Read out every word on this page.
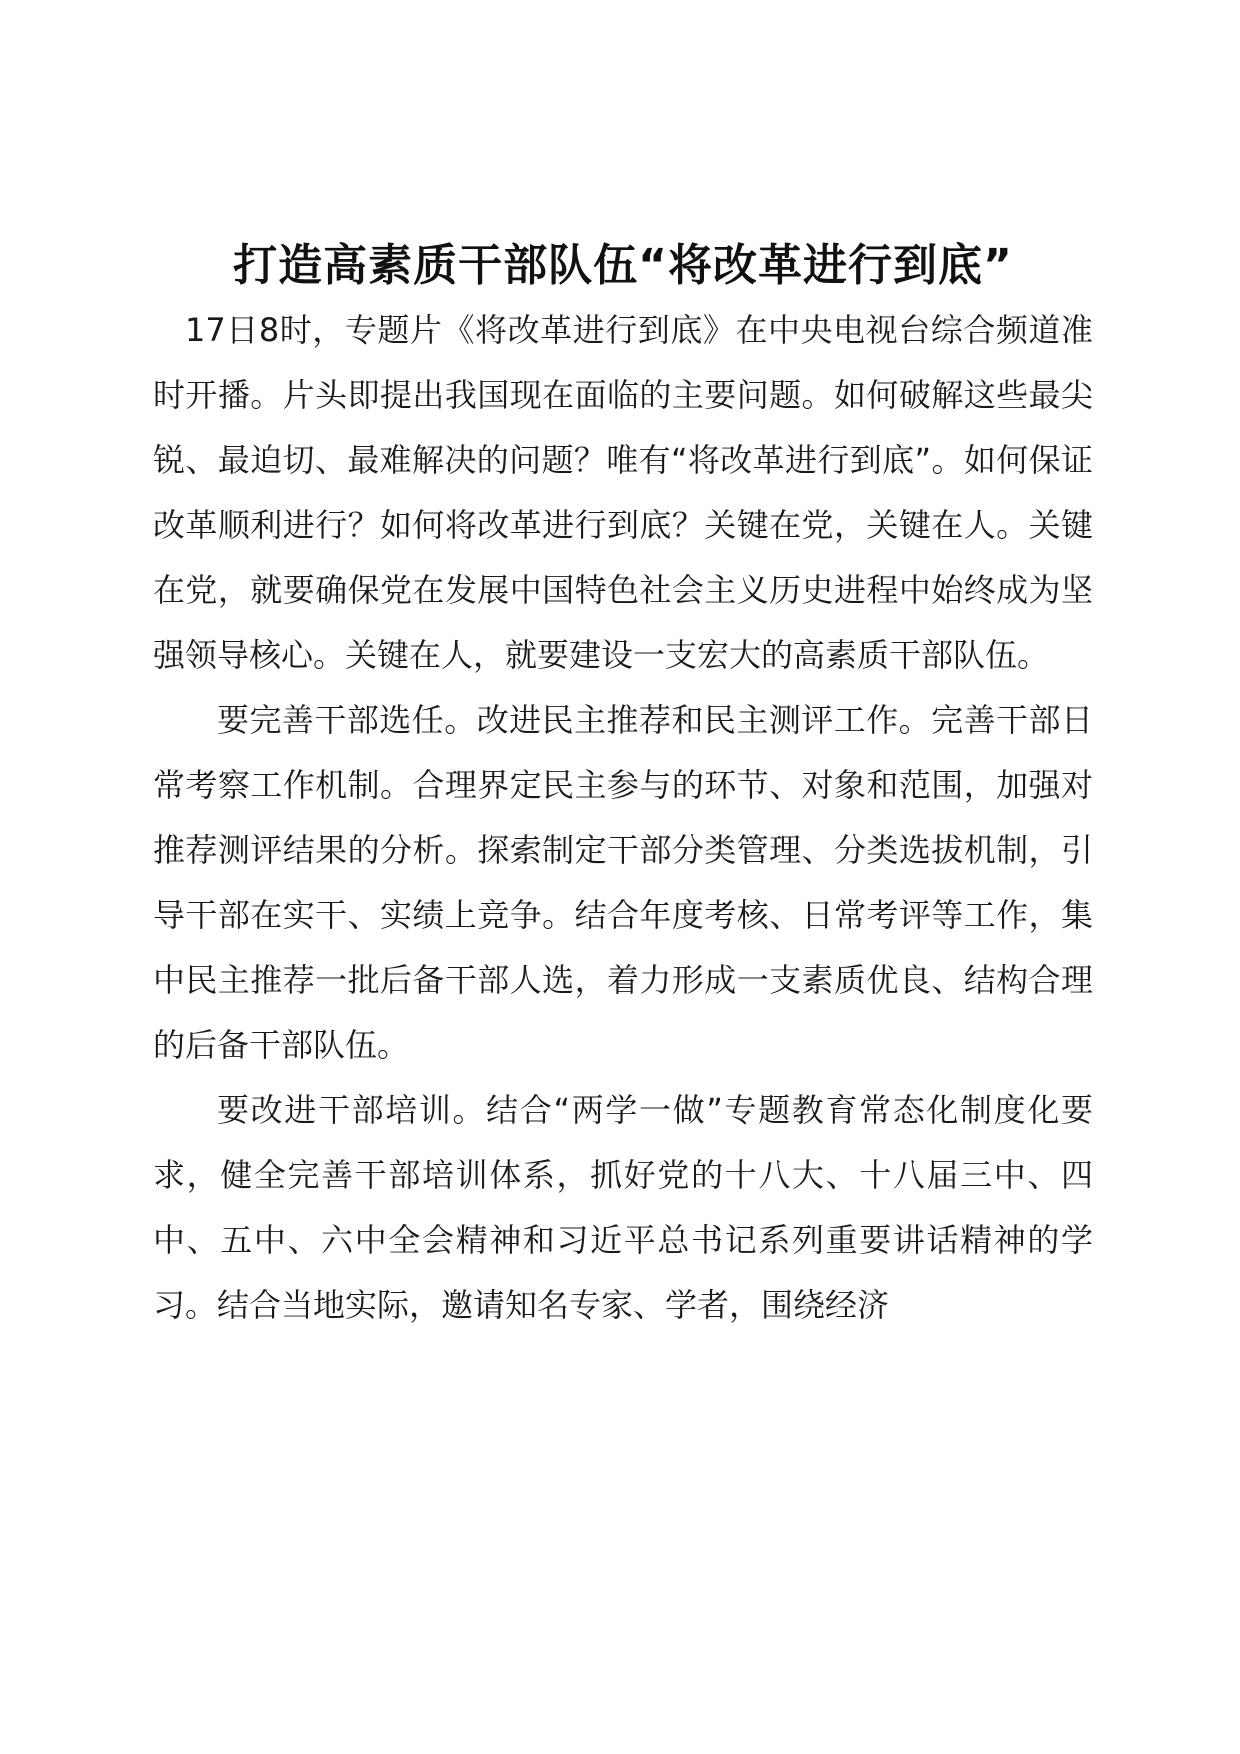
打造高素质干部队伍“将改革进行到底”

17日8时，专题片《将改革进行到底》在中央电视台综合频道准时开播。片头即提出我国现在面临的主要问题。如何破解这些最尖锐、最迫切、最难解决的问题？唯有“将改革进行到底”。如何保证改革顺利进行？如何将改革进行到底？关键在党，关键在人。关键在党，就要确保党在发展中国特色社会主义历史进程中始终成为坚强领导核心。关键在人，就要建设一支宏大的高素质干部队伍。

要完善干部选任。改进民主推荐和民主测评工作。完善干部日常考察工作机制。合理界定民主参与的环节、对象和范围，加强对推荐测评结果的分析。探索制定干部分类管理、分类选拔机制，引导干部在实干、实绩上竞争。结合年度考核、日常考评等工作，集中民主推荐一批后备干部人选，着力形成一支素质优良、结构合理的后备干部队伍。

要改进干部培训。结合“两学一做”专题教育常态化制度化要求，健全完善干部培训体系，抓好党的十八大、十八届三中、四中、五中、六中全会精神和习近平总书记系列重要讲话精神的学习。结合当地实际，邀请知名专家、学者，围绕经济
